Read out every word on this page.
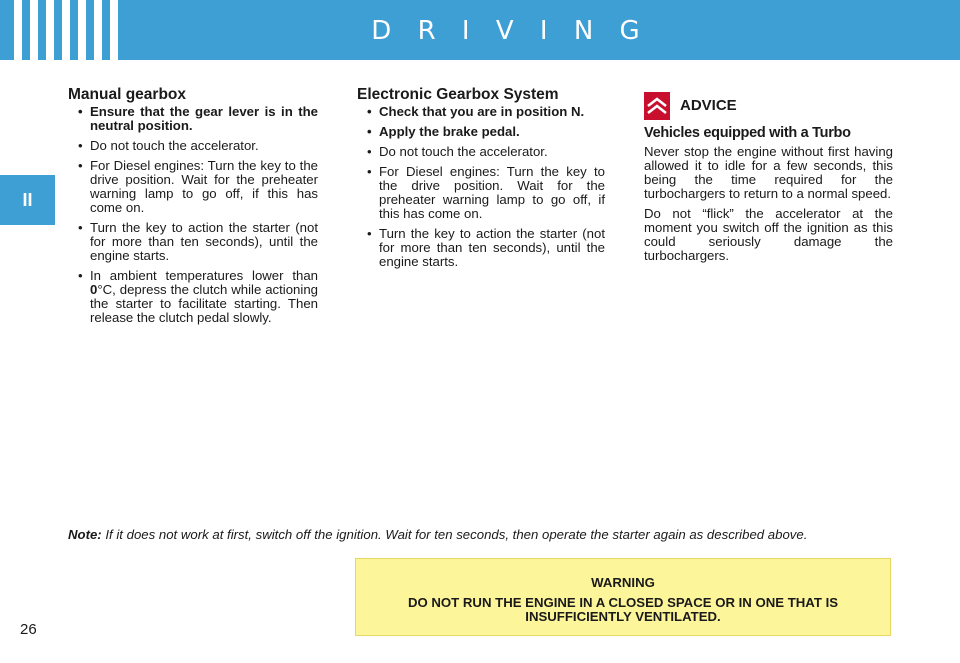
D R I V I N G
II
Manual gearbox
• Ensure that the gear lever is in the neutral position.
• Do not touch the accelerator.
• For Diesel engines: Turn the key to the drive position. Wait for the preheater warning lamp to go off, if this has come on.
• Turn the key to action the starter (not for more than ten seconds), until the engine starts.
• In ambient temperatures lower than 0°C, depress the clutch while actioning the starter to facilitate starting. Then release the clutch pedal slowly.
Electronic Gearbox System
• Check that you are in position N.
• Apply the brake pedal.
• Do not touch the accelerator.
• For Diesel engines: Turn the key to the drive position. Wait for the preheater warning lamp to go off, if this has come on.
• Turn the key to action the starter (not for more than ten seconds), until the engine starts.
ADVICE
Vehicles equipped with a Turbo

Never stop the engine without first having allowed it to idle for a few seconds, this being the time required for the turbochargers to return to a normal speed.

Do not “flick” the accelerator at the moment you switch off the ignition as this could seriously damage the turbochargers.

Note: If it does not work at first, switch off the ignition. Wait for ten seconds, then operate the starter again as described above.
WARNING
DO NOT RUN THE ENGINE IN A CLOSED SPACE OR IN ONE THAT IS INSUFFICIENTLY VENTILATED.
26
